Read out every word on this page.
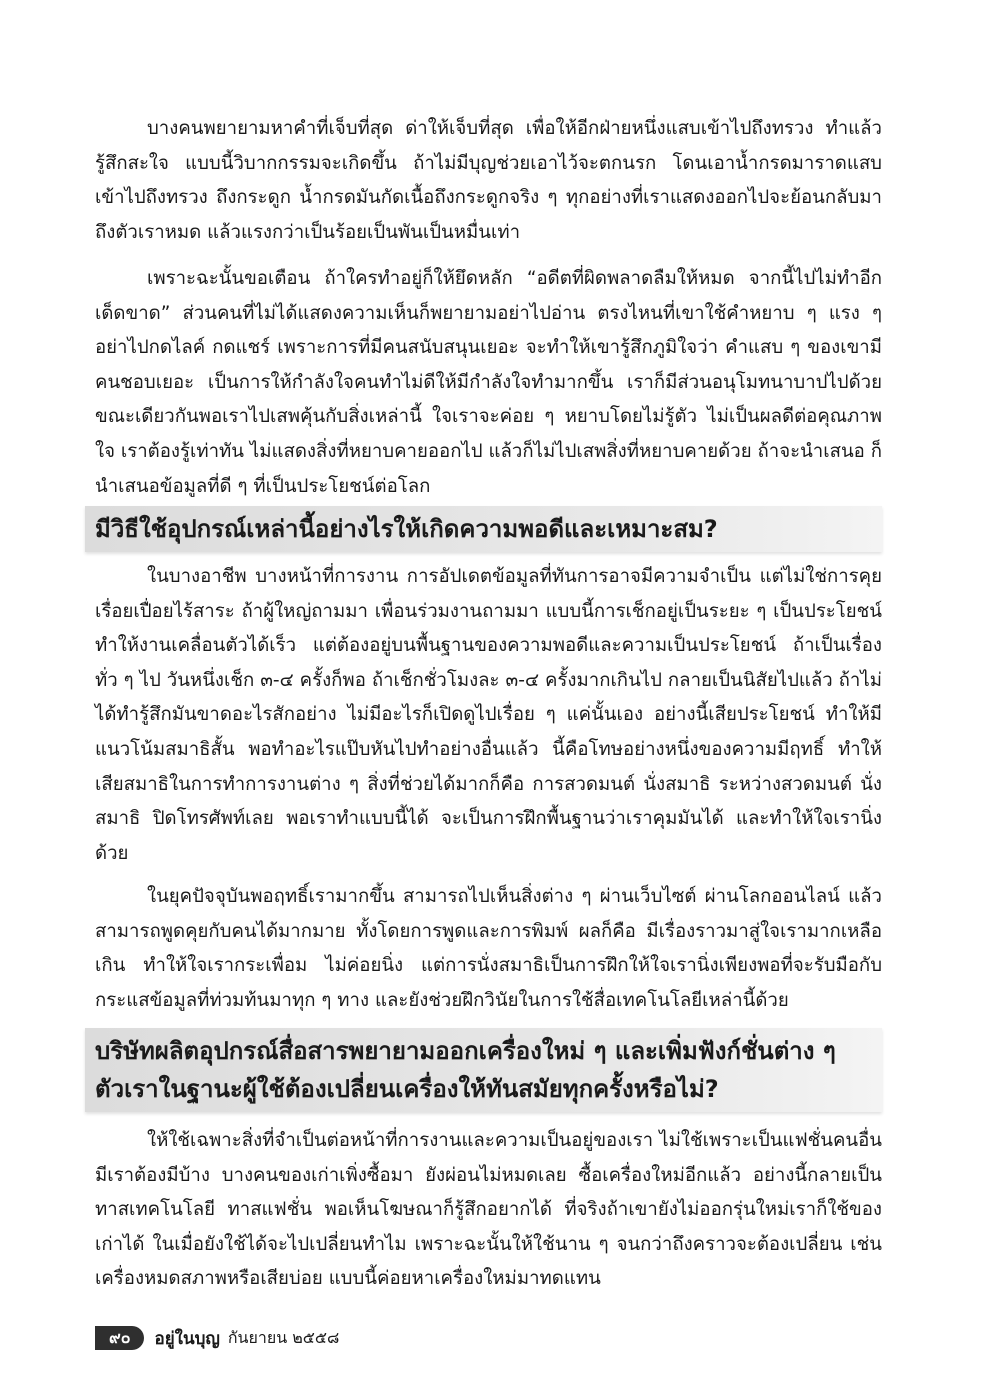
บางคนพยายามหาคำที่เจ็บที่สุด ด่าให้เจ็บที่สุด เพื่อให้อีกฝ่ายหนึ่งแสบเข้าไปถึงทรวง ทำแล้วรู้สึกสะใจ แบบนี้วิบากกรรมจะเกิดขึ้น ถ้าไม่มีบุญช่วยเอาไว้จะตกนรก โดนเอาน้ำกรดมาราดแสบเข้าไปถึงทรวง ถึงกระดูก น้ำกรดมันกัดเนื้อถึงกระดูกจริง ๆ ทุกอย่างที่เราแสดงออกไปจะย้อนกลับมาถึงตัวเราหมด แล้วแรงกว่าเป็นร้อยเป็นพันเป็นหมื่นเท่า

เพราะฉะนั้นขอเตือน ถ้าใครทำอยู่ก็ให้ยึดหลัก “อดีตที่ผิดพลาดลืมให้หมด จากนี้ไปไม่ทำอีกเด็ดขาด” ส่วนคนที่ไม่ได้แสดงความเห็นก็พยายามอย่าไปอ่าน ตรงไหนที่เขาใช้คำหยาบ ๆ แรง ๆ อย่าไปกดไลค์ กดแชร์ เพราะการที่มีคนสนับสนุนเยอะ จะทำให้เขารู้สึกภูมิใจว่า คำแสบ ๆ ของเขามีคนชอบเยอะ เป็นการให้กำลังใจคนทำไม่ดีให้มีกำลังใจทำมากขึ้น เราก็มีส่วนอนุโมทนาบาปไปด้วย ขณะเดียวกันพอเราไปเสพคุ้นกับสิ่งเหล่านี้ ใจเราจะค่อย ๆ หยาบโดยไม่รู้ตัว ไม่เป็นผลดีต่อคุณภาพใจ เราต้องรู้เท่าทัน ไม่แสดงสิ่งที่หยาบคายออกไป แล้วก็ไม่ไปเสพสิ่งที่หยาบคายด้วย ถ้าจะนำเสนอ ก็นำเสนอข้อมูลที่ดี ๆ ที่เป็นประโยชน์ต่อโลก

มีวิธีใช้อุปกรณ์เหล่านี้อย่างไรให้เกิดความพอดีและเหมาะสม?

ในบางอาชีพ บางหน้าที่การงาน การอัปเดตข้อมูลที่ทันการอาจมีความจำเป็น แต่ไม่ใช่การคุยเรื่อยเปื่อยไร้สาระ ถ้าผู้ใหญ่ถามมา เพื่อนร่วมงานถามมา แบบนี้การเช็กอยู่เป็นระยะ ๆ เป็นประโยชน์ ทำให้งานเคลื่อนตัวได้เร็ว แต่ต้องอยู่บนพื้นฐานของความพอดีและความเป็นประโยชน์ ถ้าเป็นเรื่องทั่ว ๆ ไป วันหนึ่งเช็ก ๓-๔ ครั้งก็พอ ถ้าเช็กชั่วโมงละ ๓-๔ ครั้งมากเกินไป กลายเป็นนิสัยไปแล้ว ถ้าไม่ได้ทำรู้สึกมันขาดอะไรสักอย่าง ไม่มีอะไรก็เปิดดูไปเรื่อย ๆ แค่นั้นเอง อย่างนี้เสียประโยชน์ ทำให้มีแนวโน้มสมาธิสั้น พอทำอะไรแป๊บหันไปทำอย่างอื่นแล้ว นี้คือโทษอย่างหนึ่งของความมีฤทธิ์ ทำให้เสียสมาธิในการทำการงานต่าง ๆ สิ่งที่ช่วยได้มากก็คือ การสวดมนต์ นั่งสมาธิ ระหว่างสวดมนต์ นั่งสมาธิ ปิดโทรศัพท์เลย พอเราทำแบบนี้ได้ จะเป็นการฝึกพื้นฐานว่าเราคุมมันได้ และทำให้ใจเรานิ่งด้วย

ในยุคปัจจุบันพอฤทธิ์เรามากขึ้น สามารถไปเห็นสิ่งต่าง ๆ ผ่านเว็บไซต์ ผ่านโลกออนไลน์ แล้วสามารถพูดคุยกับคนได้มากมาย ทั้งโดยการพูดและการพิมพ์ ผลก็คือ มีเรื่องราวมาสู่ใจเรามากเหลือเกิน ทำให้ใจเรากระเพื่อม ไม่ค่อยนิ่ง แต่การนั่งสมาธิเป็นการฝึกให้ใจเรานิ่งเพียงพอที่จะรับมือกับกระแสข้อมูลที่ท่วมท้นมาทุก ๆ ทาง และยังช่วยฝึกวินัยในการใช้สื่อเทคโนโลยีเหล่านี้ด้วย

บริษัทผลิตอุปกรณ์สื่อสารพยายามออกเครื่องใหม่ ๆ และเพิ่มฟังก์ชั่นต่าง ๆ
ตัวเราในฐานะผู้ใช้ต้องเปลี่ยนเครื่องให้ทันสมัยทุกครั้งหรือไม่?

ให้ใช้เฉพาะสิ่งที่จำเป็นต่อหน้าที่การงานและความเป็นอยู่ของเรา ไม่ใช้เพราะเป็นแฟชั่นคนอื่นมีเราต้องมีบ้าง บางคนของเก่าเพิ่งซื้อมา ยังผ่อนไม่หมดเลย ซื้อเครื่องใหม่อีกแล้ว อย่างนี้กลายเป็นทาสเทคโนโลยี ทาสแฟชั่น พอเห็นโฆษณาก็รู้สึกอยากได้ ที่จริงถ้าเขายังไม่ออกรุ่นใหม่เราก็ใช้ของเก่าได้ ในเมื่อยังใช้ได้จะไปเปลี่ยนทำไม เพราะฉะนั้นให้ใช้นาน ๆ จนกว่าถึงคราวจะต้องเปลี่ยน เช่น เครื่องหมดสภาพหรือเสียบ่อย แบบนี้ค่อยหาเครื่องใหม่มาทดแทน

๙๐	อยู่ในบุญ กันยายน ๒๕๕๘
